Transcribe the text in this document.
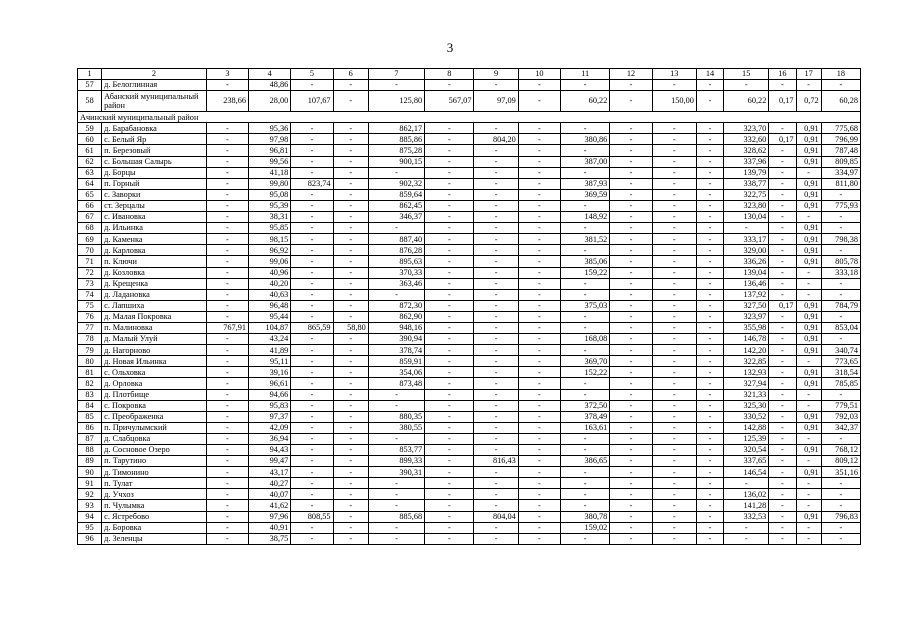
3
1	2	3	4	5	6	7	8	9	10	11	12	13	14	15	16	17	18
57	д. Белоглинная	-	48,86	-	-	-	-	-	-	-	-	-	-	-	-	-	-
58	Абанский муниципальный район	238,66	28,00	107,67	-	125,80	567,07	97,09	-	60,22	-	150,00	-	60,22	0,17	0,72	60,28
Ачинский муниципальный район																	
59	д. Барабановка	-	95,36	-	-	862,17	-	-	-	-	-	-	-	323,70	-	0,91	775,68
60	с. Белый Яр	-	97,98	-	-	885,86	-	804,20	-	380,86	-	-	-	332,60	0,17	0,91	796,99
61	п. Березовый	-	96,81	-	-	875,28	-	-	-	-	-	-	-	328,62	-	0,91	787,48
62	с. Большая Салырь	-	99,56	-	-	900,15	-	-	-	387,00	-	-	-	337,96	-	0,91	809,85
63	д. Борцы	-	41,18	-	-	-	-	-	-	-	-	-	-	139,79	-	-	334,97
64	п. Горный	-	99,80	823,74	-	902,32	-	-	-	387,93	-	-	-	338,77	-	0,91	811,80
65	с. Заворки	-	95,08	-	-	859,64	-	-	-	369,59	-	-	-	322,75	-	0,91	-
66	ст. Зерцалы	-	95,39	-	-	862,45	-	-	-	-	-	-	-	323,80	-	0,91	775,93
67	с. Ивановка	-	38,31	-	-	346,37	-	-	-	148,92	-	-	-	130,04	-	-	-
68	д. Ильинка	-	95,85	-	-	-	-	-	-	-	-	-	-	-	-	0,91	-
69	д. Каменка	-	98,15	-	-	887,40	-	-	-	381,52	-	-	-	333,17	-	0,91	798,38
70	д. Карловка	-	96,92	-	-	876,28	-	-	-	-	-	-	-	329,00	-	0,91	-
71	п. Ключи	-	99,06	-	-	895,63	-	-	-	385,06	-	-	-	336,26	-	0,91	805,78
72	д. Козловка	-	40,96	-	-	370,33	-	-	-	159,22	-	-	-	139,04	-	-	333,18
73	д. Крещенка	-	40,20	-	-	363,46	-	-	-	-	-	-	-	136,46	-	-	-
74	д. Ладановка	-	40,63	-	-	-	-	-	-	-	-	-	-	137,92	-	-	-
75	с. Лапшиха	-	96,48	-	-	872,30	-	-	-	375,03	-	-	-	327,50	0,17	0,91	784,79
76	д. Малая Покровка	-	95,44	-	-	862,90	-	-	-	-	-	-	-	323,97	-	0,91	-
77	п. Малиновка	767,91	104,87	865,59	58,80	948,16	-	-	-	-	-	-	-	355,98	-	0,91	853,04
78	д. Малый Улуй	-	43,24	-	-	390,94	-	-	-	168,08	-	-	-	146,78	-	0,91	-
79	д. Нагорново	-	41,89	-	-	378,74	-	-	-	-	-	-	-	142,20	-	0,91	340,74
80	д. Новая Ильинка	-	95,11	-	-	859,91	-	-	-	369,70	-	-	-	322,85	-	-	773,65
81	с. Ольховка	-	39,16	-	-	354,06	-	-	-	152,22	-	-	-	132,93	-	0,91	318,54
82	д. Орловка	-	96,61	-	-	873,48	-	-	-	-	-	-	-	327,94	-	0,91	785,85
83	д. Плотбище	-	94,66	-	-	-	-	-	-	-	-	-	-	321,33	-	-	-
84	с. Покровка	-	95,83	-	-	-	-	-	-	372,50	-	-	-	325,30	-	-	779,51
85	с. Преображенка	-	97,37	-	-	880,35	-	-	-	378,49	-	-	-	330,52	-	0,91	792,03
86	п. Причулымский	-	42,09	-	-	380,55	-	-	-	163,61	-	-	-	142,88	-	0,91	342,37
87	д. Слабцовка	-	36,94	-	-	-	-	-	-	-	-	-	-	125,39	-	-	-
88	д. Сосновое Озеро	-	94,43	-	-	853,77	-	-	-	-	-	-	-	320,54	-	0,91	768,12
89	п. Тарутино	-	99,47	-	-	899,33	-	816,43	-	386,65	-	-	-	337,65	-	-	809,12
90	д. Тимонино	-	43,17	-	-	390,31	-	-	-	-	-	-	-	146,54	-	0,91	351,16
91	п. Тулат	-	40,27	-	-	-	-	-	-	-	-	-	-	-	-	-	-
92	д. Учхоз	-	40,07	-	-	-	-	-	-	-	-	-	-	136,02	-	-	-
93	п. Чулымка	-	41,62	-	-	-	-	-	-	-	-	-	-	141,28	-	-	-
94	с. Ястребово	-	97,96	808,55	-	885,68	-	804,04	-	380,78	-	-	-	332,53	-	0,91	796,83
95	д. Боровка	-	40,91	-	-	-	-	-	-	159,02	-	-	-	-	-	-	-
96	д. Зеленцы	-	38,75	-	-	-	-	-	-	-	-	-	-	-	-	-	-
